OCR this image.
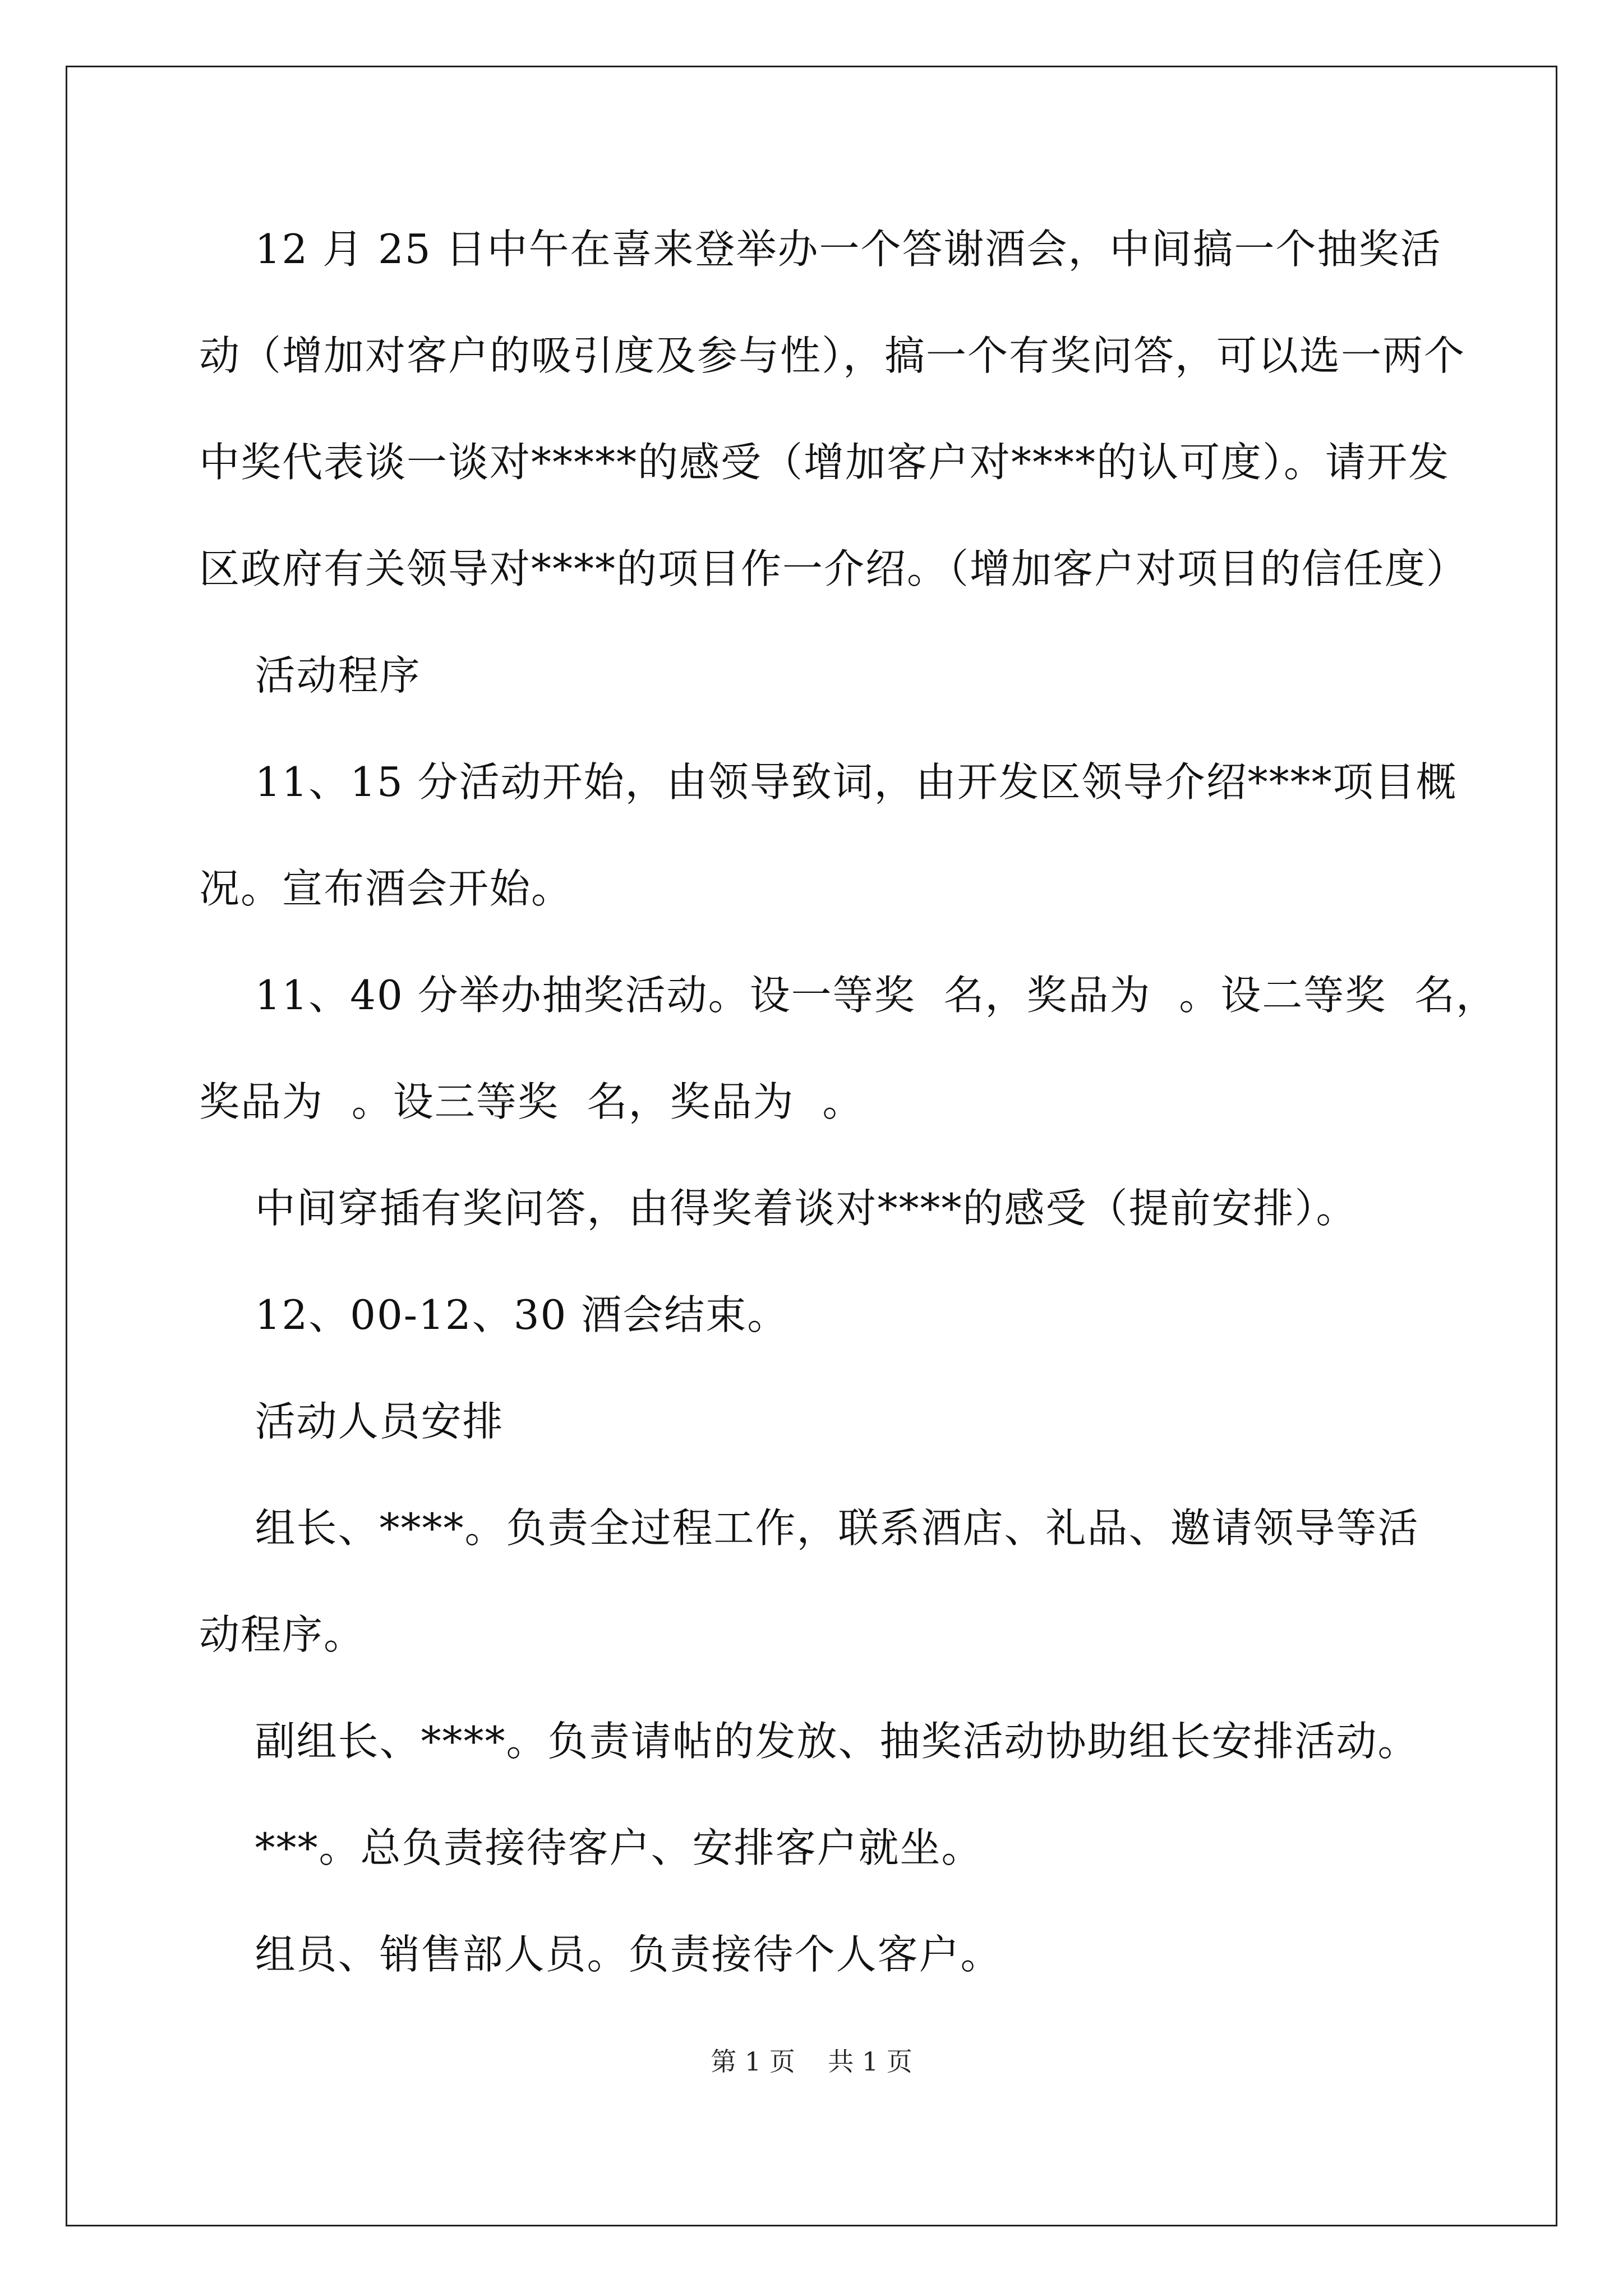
12 月 25 日中午在喜来登举办一个答谢酒会，中间搞一个抽奖活
动（增加对客户的吸引度及参与性），搞一个有奖问答，可以选一两个
中奖代表谈一谈对*****的感受（增加客户对****的认可度）。请开发
区政府有关领导对****的项目作一介绍。（增加客户对项目的信任度）
活动程序
11、15 分活动开始，由领导致词，由开发区领导介绍****项目概
况。宣布酒会开始。
11、40 分举办抽奖活动。设一等奖  名，奖品为  。设二等奖  名，
奖品为  。设三等奖  名，奖品为  。
中间穿插有奖问答，由得奖着谈对****的感受（提前安排）。
12、00-12、30 酒会结束。
活动人员安排
组长、****。负责全过程工作，联系酒店、礼品、邀请领导等活
动程序。
副组长、****。负责请帖的发放、抽奖活动协助组长安排活动。
***。总负责接待客户、安排客户就坐。
组员、销售部人员。负责接待个人客户。
第 1 页    共 1 页
